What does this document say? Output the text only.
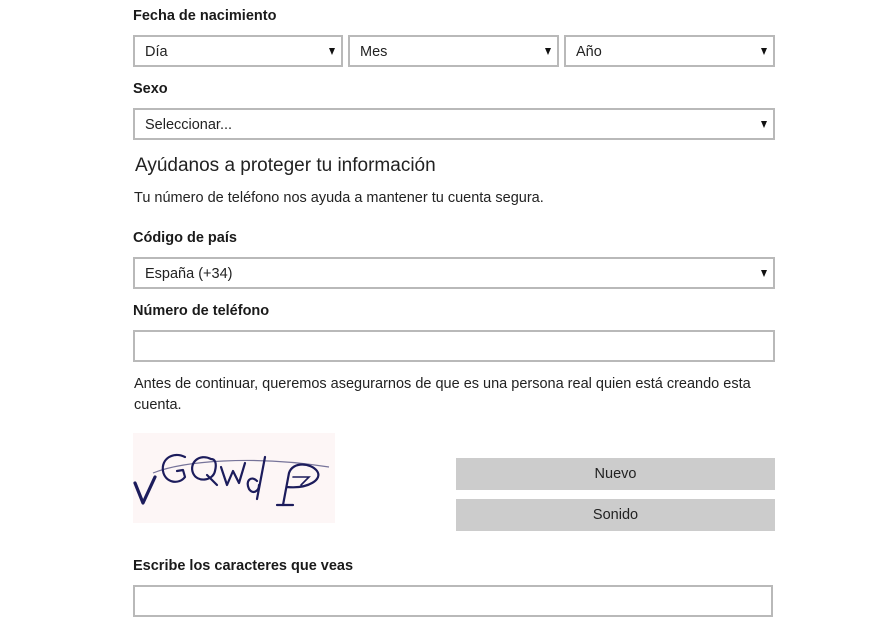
Fecha de nacimiento
Día	Mes	Año
Sexo
Seleccionar...
Ayúdanos a proteger tu información
Tu número de teléfono nos ayuda a mantener tu cuenta segura.
Código de país
España (+34)
Número de teléfono
Antes de continuar, queremos asegurarnos de que es una persona real quien está creando esta cuenta.
Nuevo
Sonido
Escribe los caracteres que veas
